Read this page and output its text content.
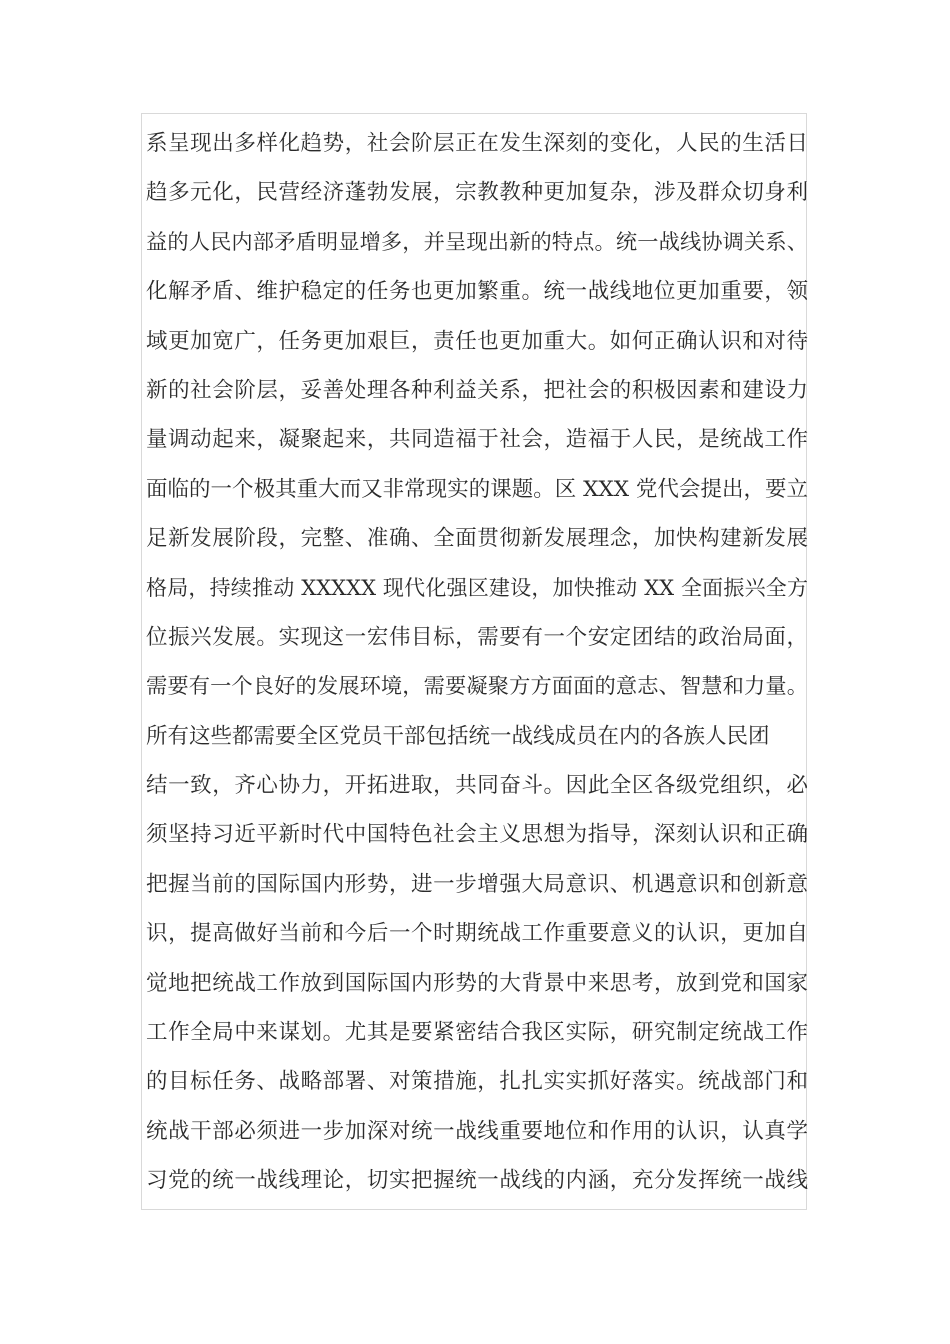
系呈现出多样化趋势，社会阶层正在发生深刻的变化，人民的生活日
趋多元化，民营经济蓬勃发展，宗教教种更加复杂，涉及群众切身利
益的人民内部矛盾明显增多，并呈现出新的特点。统一战线协调关系、
化解矛盾、维护稳定的任务也更加繁重。统一战线地位更加重要，领
域更加宽广，任务更加艰巨，责任也更加重大。如何正确认识和对待
新的社会阶层，妥善处理各种利益关系，把社会的积极因素和建设力
量调动起来，凝聚起来，共同造福于社会，造福于人民，是统战工作
面临的一个极其重大而又非常现实的课题。区 XXX 党代会提出，要立
足新发展阶段，完整、准确、全面贯彻新发展理念，加快构建新发展
格局，持续推动 XXXXX 现代化强区建设，加快推动 XX 全面振兴全方
位振兴发展。实现这一宏伟目标，需要有一个安定团结的政治局面，
需要有一个良好的发展环境，需要凝聚方方面面的意志、智慧和力量。
所有这些都需要全区党员干部包括统一战线成员在内的各族人民团
结一致，齐心协力，开拓进取，共同奋斗。因此全区各级党组织，必
须坚持习近平新时代中国特色社会主义思想为指导，深刻认识和正确
把握当前的国际国内形势，进一步增强大局意识、机遇意识和创新意
识，提高做好当前和今后一个时期统战工作重要意义的认识，更加自
觉地把统战工作放到国际国内形势的大背景中来思考，放到党和国家
工作全局中来谋划。尤其是要紧密结合我区实际，研究制定统战工作
的目标任务、战略部署、对策措施，扎扎实实抓好落实。统战部门和
统战干部必须进一步加深对统一战线重要地位和作用的认识，认真学
习党的统一战线理论，切实把握统一战线的内涵，充分发挥统一战线
